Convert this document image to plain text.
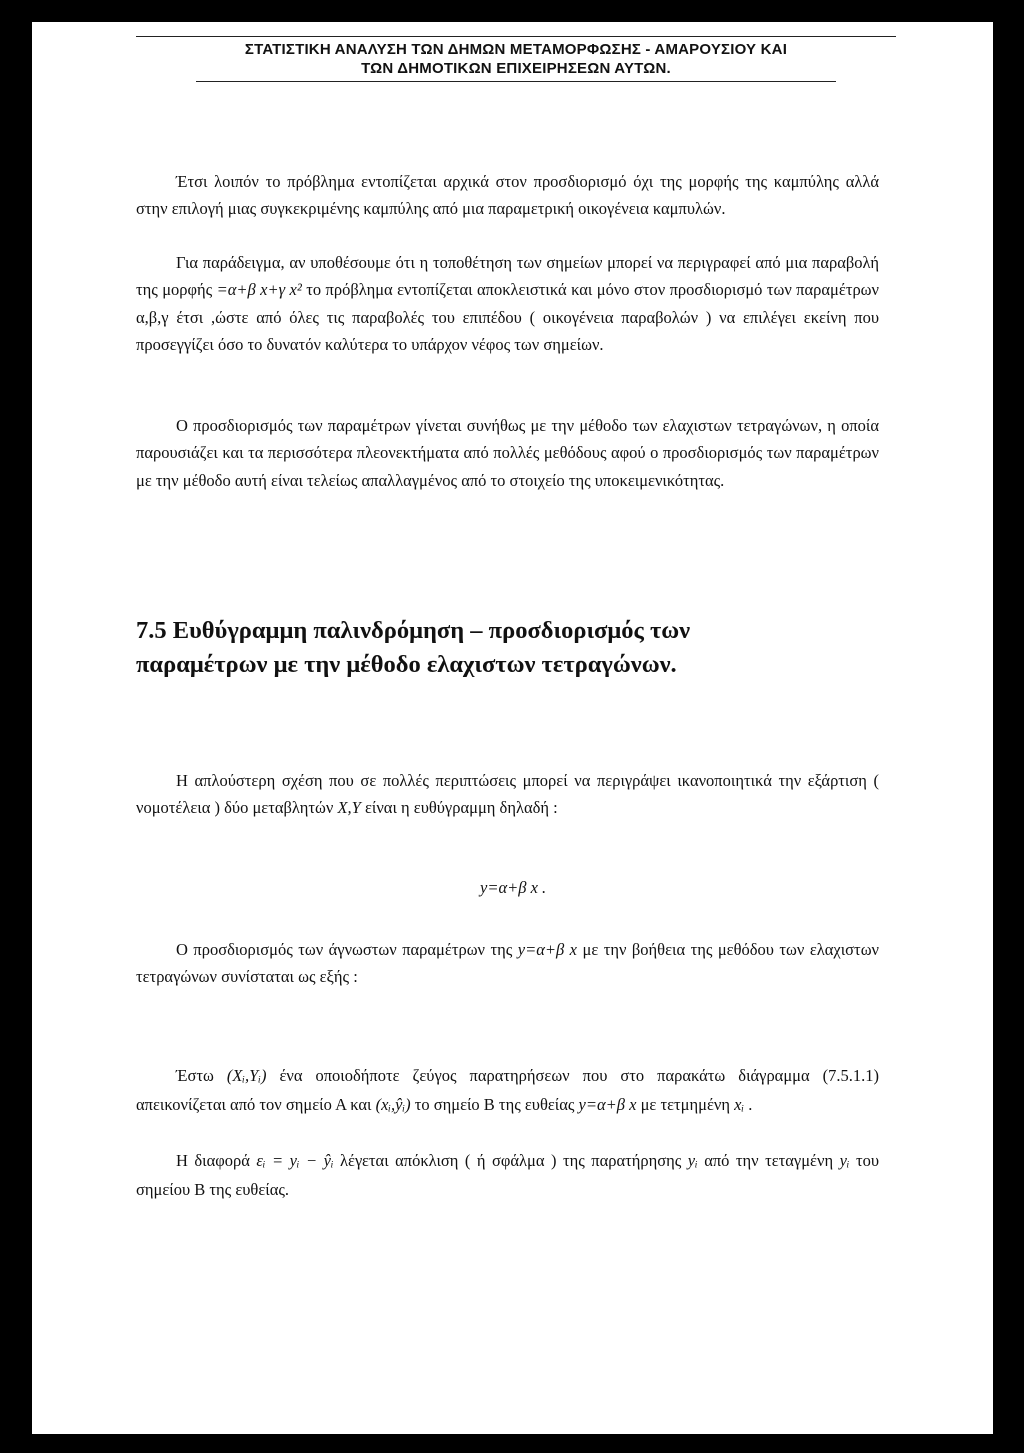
ΣΤΑΤΙΣΤΙΚΗ ΑΝΑΛΥΣΗ ΤΩΝ ΔΗΜΩΝ ΜΕΤΑΜΟΡΦΩΣΗΣ - ΑΜΑΡΟΥΣΙΟΥ ΚΑΙ
ΤΩΝ ΔΗΜΟΤΙΚΩΝ ΕΠΙΧΕΙΡΗΣΕΩΝ ΑΥΤΩΝ.
Έτσι λοιπόν το πρόβλημα εντοπίζεται αρχικά στον προσδιορισμό όχι της μορφής της καμπύλης αλλά στην επιλογή μιας συγκεκριμένης καμπύλης από μια παραμετρική οικογένεια καμπυλών.
Για παράδειγμα, αν υποθέσουμε ότι η τοποθέτηση των σημείων μπορεί να περιγραφεί από μια παραβολή της μορφής =α+β x+γ x² το πρόβλημα εντοπίζεται αποκλειστικά και μόνο στον προσδιορισμό των παραμέτρων α,β,γ έτσι ,ώστε από όλες τις παραβολές του επιπέδου ( οικογένεια παραβολών ) να επιλέγει εκείνη που προσεγγίζει όσο το δυνατόν καλύτερα το υπάρχον νέφος των σημείων.
Ο προσδιορισμός των παραμέτρων γίνεται συνήθως με την μέθοδο των ελαχιστων τετραγώνων, η οποία παρουσιάζει και τα περισσότερα πλεονεκτήματα από πολλές μεθόδους αφού ο προσδιορισμός των παραμέτρων με την μέθοδο αυτή είναι τελείως απαλλαγμένος από το στοιχείο της υποκειμενικότητας.
7.5 Ευθύγραμμη παλινδρόμηση – προσδιορισμός των
παραμέτρων με την μέθοδο ελαχιστων τετραγώνων.
Η απλούστερη σχέση που σε πολλές περιπτώσεις μπορεί να περιγράψει ικανοποιητικά την εξάρτιση ( νομοτέλεια ) δύο μεταβλητών X,Y είναι η ευθύγραμμη δηλαδή :
y=α+β x .
Ο προσδιορισμός των άγνωστων παραμέτρων της y=α+β x με την βοήθεια της μεθόδου των ελαχιστων τετραγώνων συνίσταται ως εξής :
Έστω (Xᵢ,Yᵢ) ένα οποιοδήποτε ζεύγος παρατηρήσεων που στο παρακάτω διάγραμμα (7.5.1.1) απεικονίζεται από τον σημείο Α και (xᵢ,ŷᵢ) το σημείο Β της ευθείας y=α+β x με τετμημένη xᵢ .
Η διαφορά εᵢ = yᵢ − ŷᵢ λέγεται απόκλιση ( ή σφάλμα ) της παρατήρησης yᵢ από την τεταγμένη yᵢ του σημείου Β της ευθείας.
